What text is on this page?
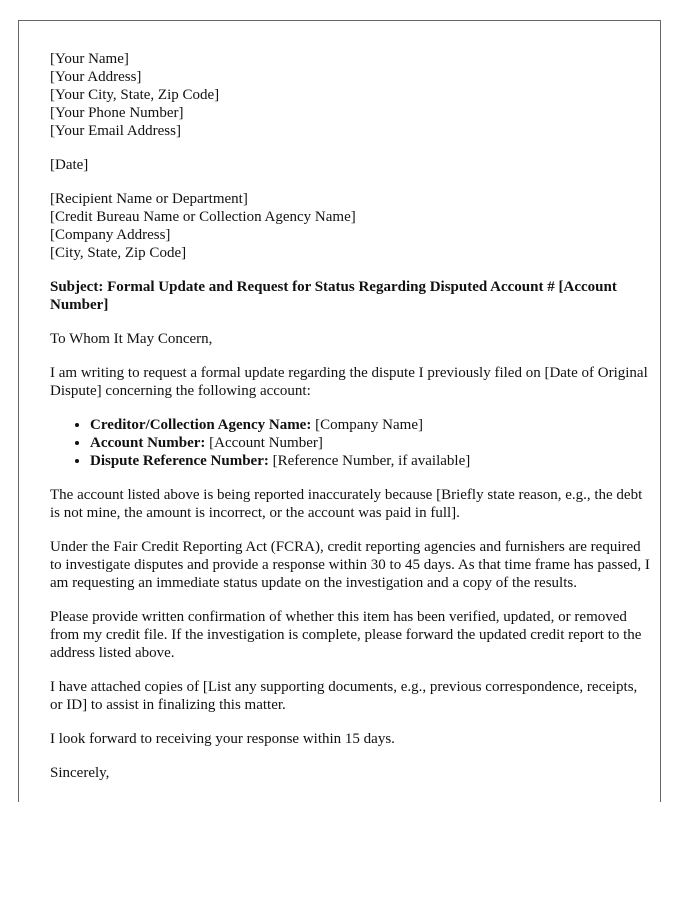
[Your Name]
[Your Address]
[Your City, State, Zip Code]
[Your Phone Number]
[Your Email Address]

[Date]

[Recipient Name or Department]
[Credit Bureau Name or Collection Agency Name]
[Company Address]
[City, State, Zip Code]

Subject: Formal Update and Request for Status Regarding Disputed Account # [Account Number]

To Whom It May Concern,

I am writing to request a formal update regarding the dispute I previously filed on [Date of Original Dispute] concerning the following account:

• Creditor/Collection Agency Name: [Company Name]
• Account Number: [Account Number]
• Dispute Reference Number: [Reference Number, if available]

The account listed above is being reported inaccurately because [Briefly state reason, e.g., the debt is not mine, the amount is incorrect, or the account was paid in full].

Under the Fair Credit Reporting Act (FCRA), credit reporting agencies and furnishers are required to investigate disputes and provide a response within 30 to 45 days. As that time frame has passed, I am requesting an immediate status update on the investigation and a copy of the results.

Please provide written confirmation of whether this item has been verified, updated, or removed from my credit file. If the investigation is complete, please forward the updated credit report to the address listed above.

I have attached copies of [List any supporting documents, e.g., previous correspondence, receipts, or ID] to assist in finalizing this matter.

I look forward to receiving your response within 15 days.

Sincerely,
